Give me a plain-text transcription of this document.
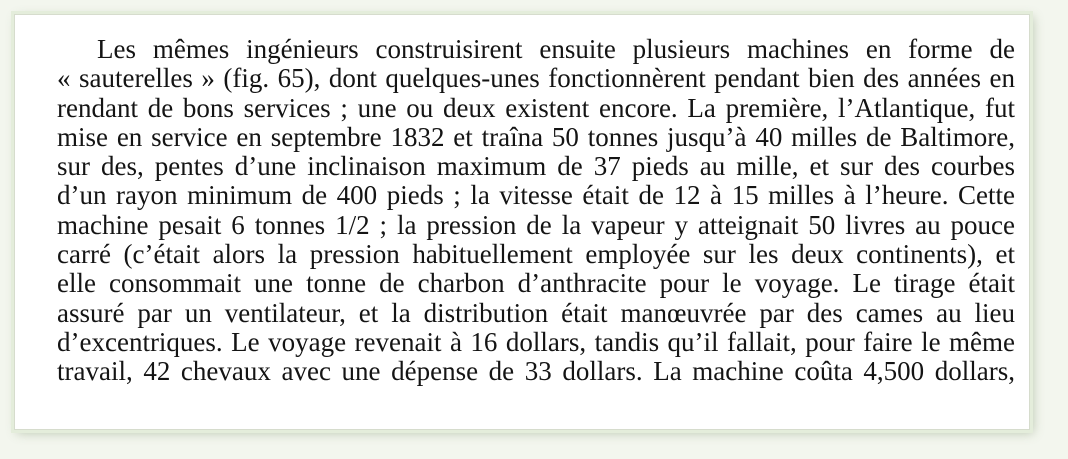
Les mêmes ingénieurs construisirent ensuite plusieurs machines en forme de
« sauterelles » (fig. 65), dont quelques-unes fonctionnèrent pendant bien des années en
rendant de bons services ; une ou deux existent encore. La première, l’Atlantique, fut
mise en service en septembre 1832 et traîna 50 tonnes jusqu’à 40 milles de Baltimore,
sur des, pentes d’une inclinaison maximum de 37 pieds au mille, et sur des courbes
d’un rayon minimum de 400 pieds ; la vitesse était de 12 à 15 milles à l’heure. Cette
machine pesait 6 tonnes 1/2 ; la pression de la vapeur y atteignait 50 livres au pouce
carré (c’était alors la pression habituellement employée sur les deux continents), et
elle consommait une tonne de charbon d’anthracite pour le voyage. Le tirage était
assuré par un ventilateur, et la distribution était manœuvrée par des cames au lieu
d’excentriques. Le voyage revenait à 16 dollars, tandis qu’il fallait, pour faire le même
travail, 42 chevaux avec une dépense de 33 dollars. La machine coûta 4,500 dollars,
